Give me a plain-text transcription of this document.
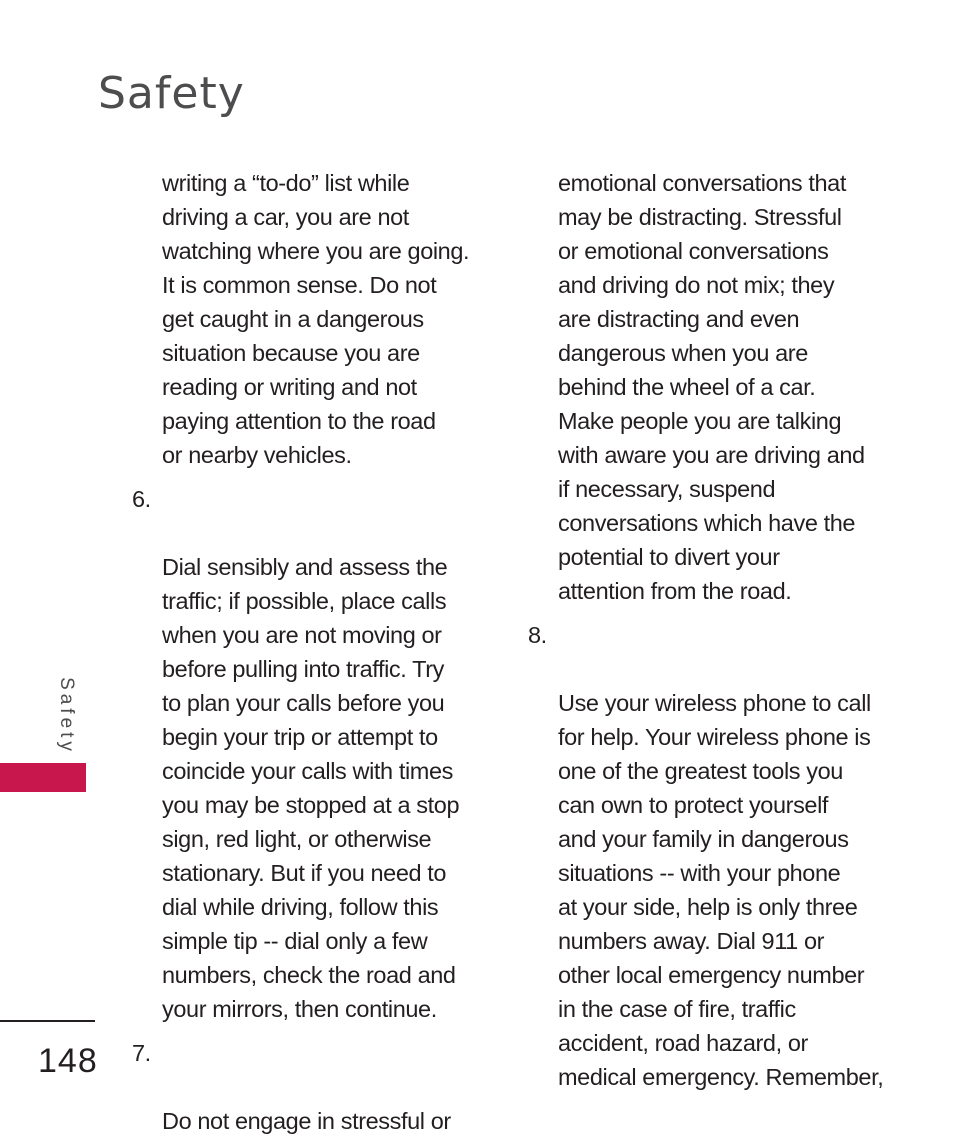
Safety

writing a “to-do” list while
driving a car, you are not
watching where you are going.
It is common sense. Do not
get caught in a dangerous
situation because you are
reading or writing and not
paying attention to the road
or nearby vehicles.

6.

Dial sensibly and assess the
traffic; if possible, place calls
when you are not moving or
before pulling into traffic. Try
to plan your calls before you
begin your trip or attempt to
coincide your calls with times
you may be stopped at a stop
sign, red light, or otherwise
stationary. But if you need to
dial while driving, follow this
simple tip -- dial only a few
numbers, check the road and
your mirrors, then continue.

7.

Do not engage in stressful or

emotional conversations that
may be distracting. Stressful
or emotional conversations
and driving do not mix; they
are distracting and even
dangerous when you are
behind the wheel of a car.
Make people you are talking
with aware you are driving and
if necessary, suspend
conversations which have the
potential to divert your
attention from the road.

8.

Use your wireless phone to call
for help. Your wireless phone is
one of the greatest tools you
can own to protect yourself
and your family in dangerous
situations -- with your phone
at your side, help is only three
numbers away. Dial 911 or
other local emergency number
in the case of fire, traffic
accident, road hazard, or
medical emergency. Remember,

Safety
148
